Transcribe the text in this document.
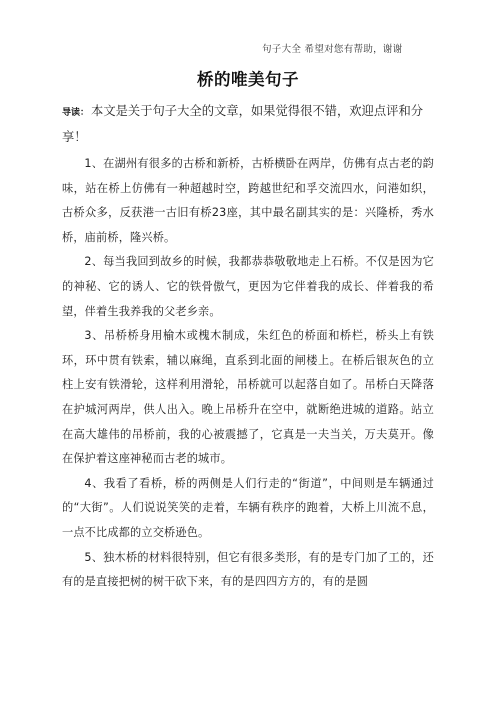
句子大全 希望对您有帮助，谢谢
桥的唯美句子
导读： 本文是关于句子大全的文章，如果觉得很不错，欢迎点评和分享！

1、在湖州有很多的古桥和新桥，古桥横卧在两岸，仿佛有点古老的韵味，站在桥上仿佛有一种超越时空，跨越世纪和孚交流四水，问港如织，古桥众多，反获港一古旧有桥23座，其中最名副其实的是：兴隆桥，秀水桥，庙前桥，隆兴桥。

2、每当我回到故乡的时候，我都恭恭敬敬地走上石桥。不仅是因为它的神秘、它的诱人、它的铁骨傲气，更因为它伴着我的成长、伴着我的希望，伴着生我养我的父老乡亲。

3、吊桥桥身用榆木或槐木制成，朱红色的桥面和桥栏，桥头上有铁环，环中贯有铁索，辅以麻绳，直系到北面的闸楼上。在桥后银灰色的立柱上安有铁滑轮，这样利用滑轮，吊桥就可以起落自如了。吊桥白天降落在护城河两岸，供人出入。晚上吊桥升在空中，就断绝进城的道路。站立在高大雄伟的吊桥前，我的心被震撼了，它真是一夫当关，万夫莫开。像在保护着这座神秘而古老的城市。

4、我看了看桥，桥的两侧是人们行走的“街道”，中间则是车辆通过的“大街”。人们说说笑笑的走着，车辆有秩序的跑着，大桥上川流不息，一点不比成都的立交桥逊色。

5、独木桥的材料很特别，但它有很多类形，有的是专门加了工的，还有的是直接把树的树干砍下来，有的是四四方方的，有的是圆
